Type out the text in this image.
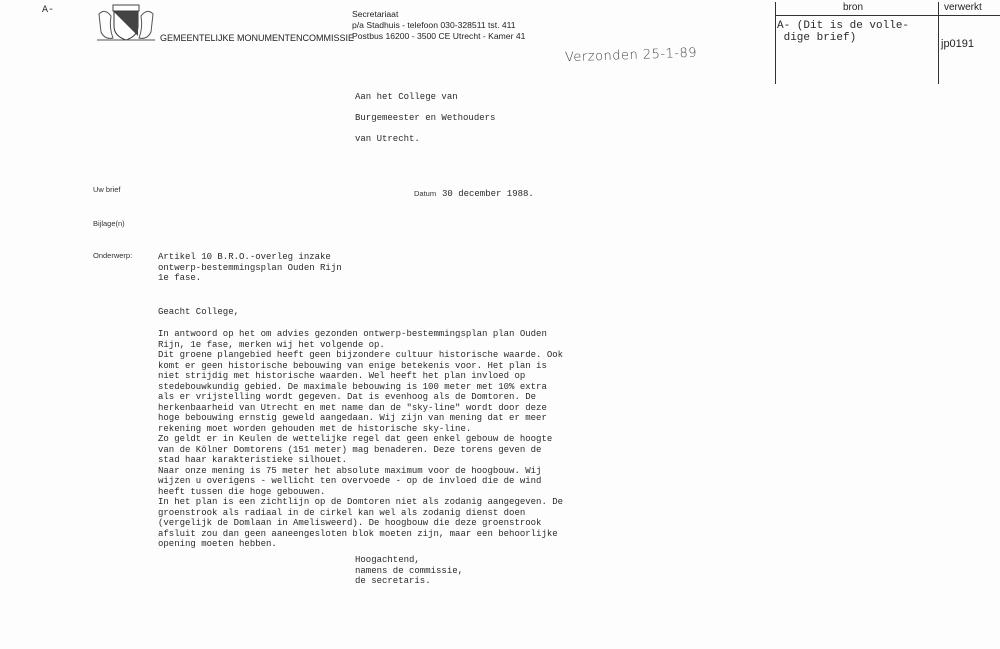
A-
GEMEENTELIJKE MONUMENTENCOMMISSIE
Secretariaat
p/a Stadhuis - telefoon 030-328511 tst. 411
Postbus 16200 - 3500 CE Utrecht - Kamer 41
Verzonden 25-1-89
bron	verwerkt
A- (Dit is de volle-
dige brief)	jp0191
Aan het College van
Burgemeester en Wethouders
van Utrecht.
Uw brief
Bijlage(n)
Onderwerp:
Datum 30 december 1988.
Artikel 10 B.R.O.-overleg inzake
ontwerp-bestemmingsplan Ouden Rijn
1e fase.
Geacht College,
In antwoord op het om advies gezonden ontwerp-bestemmingsplan plan Ouden
Rijn, 1e fase, merken wij het volgende op.
Dit groene plangebied heeft geen bijzondere cultuur historische waarde. Ook
komt er geen historische bebouwing van enige betekenis voor. Het plan is
niet strijdig met historische waarden. Wel heeft het plan invloed op
stedebouwkundig gebied. De maximale bebouwing is 100 meter met 10% extra
als er vrijstelling wordt gegeven. Dat is evenhoog als de Domtoren. De
herkenbaarheid van Utrecht en met name dan de "sky-line" wordt door deze
hoge bebouwing ernstig geweld aangedaan. Wij zijn van mening dat er meer
rekening moet worden gehouden met de historische sky-line.
Zo geldt er in Keulen de wettelijke regel dat geen enkel gebouw de hoogte
van de Kölner Domtorens (151 meter) mag benaderen. Deze torens geven de
stad haar karakteristieke silhouet.
Naar onze mening is 75 meter het absolute maximum voor de hoogbouw. Wij
wijzen u overigens - wellicht ten overvoede - op de invloed die de wind
heeft tussen die hoge gebouwen.
In het plan is een zichtlijn op de Domtoren niet als zodanig aangegeven. De
groenstrook als radiaal in de cirkel kan wel als zodanig dienst doen
(vergelijk de Domlaan in Amelisweerd). De hoogbouw die deze groenstrook
afsluit zou dan geen aaneengesloten blok moeten zijn, maar een behoorlijke
opening moeten hebben.
Hoogachtend,
namens de commissie,
de secretaris.
